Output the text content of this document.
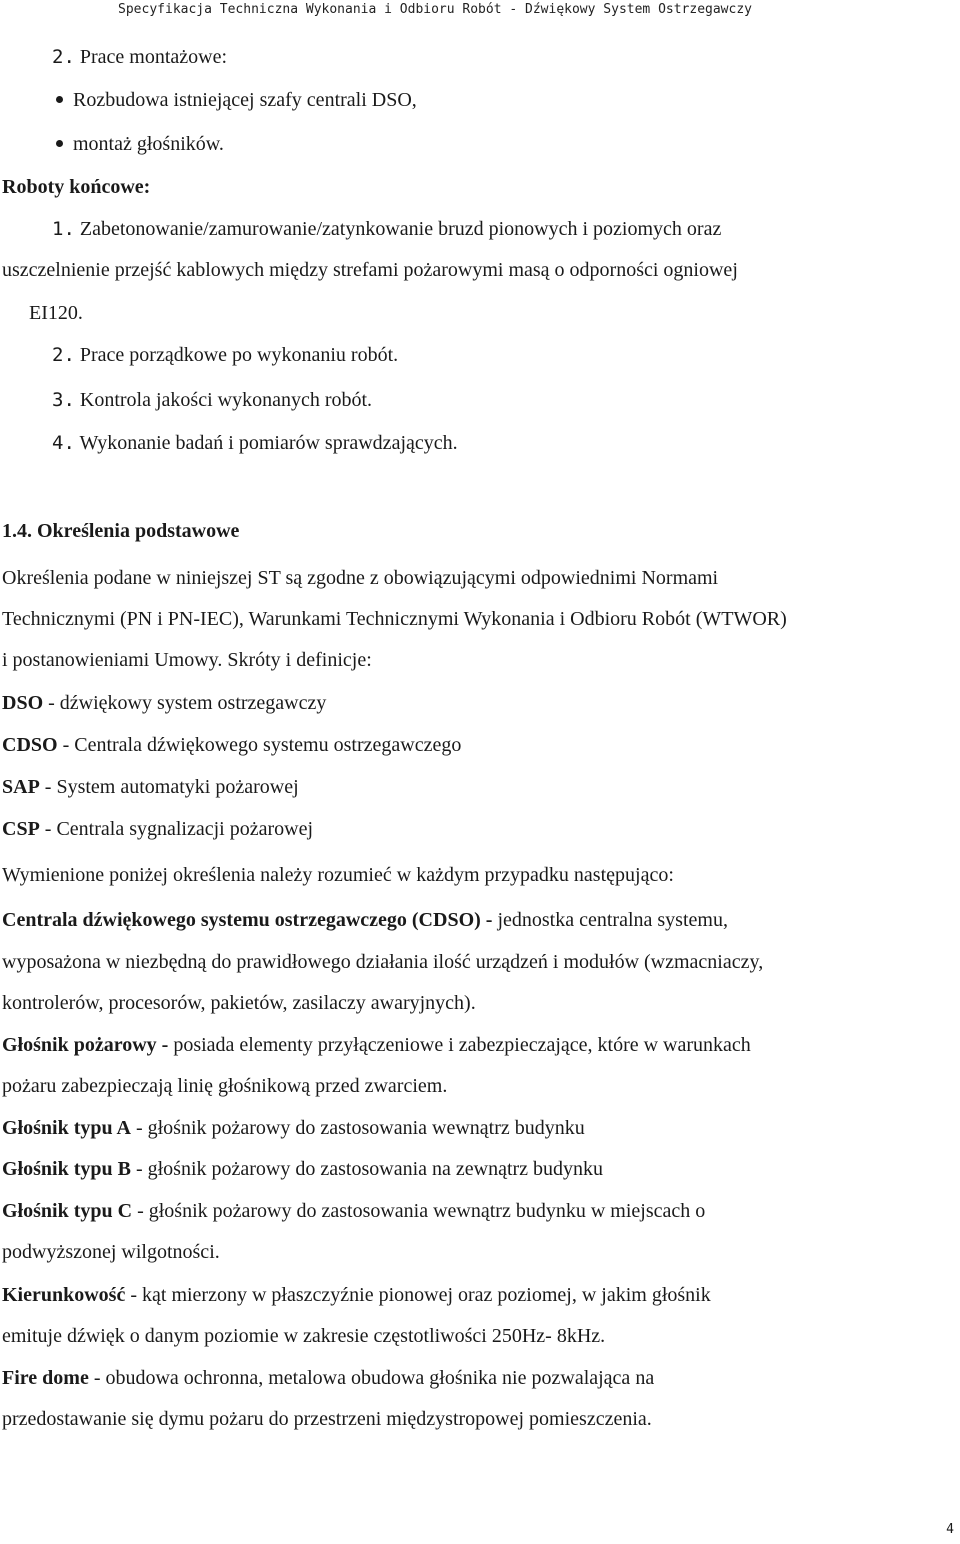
Specyfikacja Techniczna Wykonania i Odbioru Robót - Dźwiękowy System Ostrzegawczy
2. Prace montażowe:
Rozbudowa istniejącej szafy centrali DSO,
montaż głośników.
Roboty końcowe:
1. Zabetonowanie/zamurowanie/zatynkowanie bruzd pionowych i poziomych oraz
uszczelnienie przejść kablowych między strefami pożarowymi masą o odporności ogniowej
EI120.
2. Prace porządkowe po wykonaniu robót.
3. Kontrola jakości wykonanych robót.
4. Wykonanie badań i pomiarów sprawdzających.
1.4. Określenia podstawowe
Określenia podane w niniejszej ST są zgodne z obowiązującymi odpowiednimi Normami
Technicznymi (PN i PN-IEC), Warunkami Technicznymi Wykonania i Odbioru Robót (WTWOR)
i postanowieniami Umowy. Skróty i definicje:
DSO - dźwiękowy system ostrzegawczy
CDSO - Centrala dźwiękowego systemu ostrzegawczego
SAP - System automatyki pożarowej
CSP - Centrala sygnalizacji pożarowej
Wymienione poniżej określenia należy rozumieć w każdym przypadku następująco:
Centrala dźwiękowego systemu ostrzegawczego (CDSO) - jednostka centralna systemu,
wyposażona w niezbędną do prawidłowego działania ilość urządzeń i modułów (wzmacniaczy,
kontrolerów, procesorów, pakietów, zasilaczy awaryjnych).
Głośnik pożarowy - posiada elementy przyłączeniowe i zabezpieczające, które w warunkach
pożaru zabezpieczają linię głośnikową przed zwarciem.
Głośnik typu A - głośnik pożarowy do zastosowania wewnątrz budynku
Głośnik typu B - głośnik pożarowy do zastosowania na zewnątrz budynku
Głośnik typu C - głośnik pożarowy do zastosowania wewnątrz budynku w miejscach o
podwyższonej wilgotności.
Kierunkowość - kąt mierzony w płaszczyźnie pionowej oraz poziomej, w jakim głośnik
emituje dźwięk o danym poziomie w zakresie częstotliwości 250Hz- 8kHz.
Fire dome - obudowa ochronna, metalowa obudowa głośnika nie pozwalająca na
przedostawanie się dymu pożaru do przestrzeni międzystropowej pomieszczenia.
4
